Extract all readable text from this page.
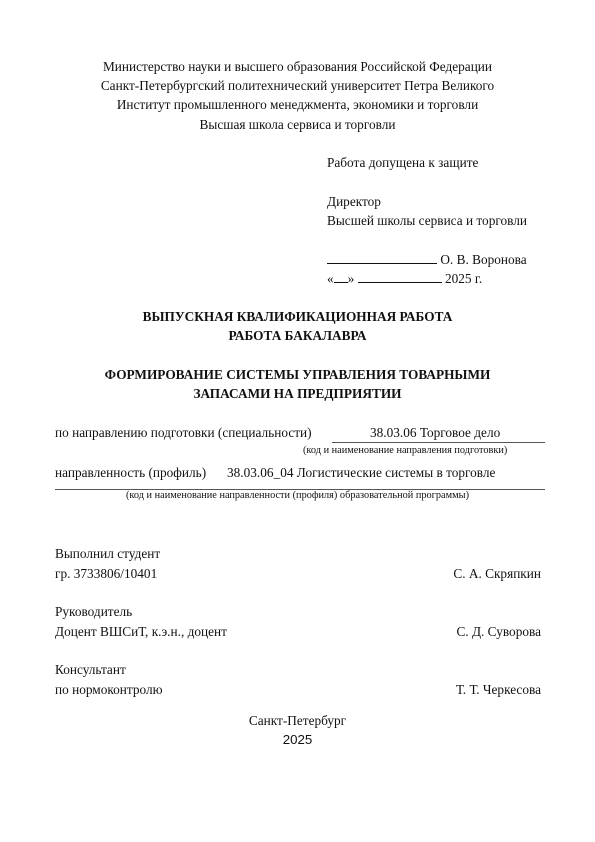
Министерство науки и высшего образования Российской Федерации
Санкт-Петербургский политехнический университет Петра Великого
Институт промышленного менеджмента, экономики и торговли
Высшая школа сервиса и торговли
Работа допущена к защите
Директор
Высшей школы сервиса и торговли
О. В. Воронова
« »	2025 г.
ВЫПУСКНАЯ КВАЛИФИКАЦИОННАЯ РАБОТА
РАБОТА БАКАЛАВРА
ФОРМИРОВАНИЕ СИСТЕМЫ УПРАВЛЕНИЯ ТОВАРНЫМИ
ЗАПАСАМИ НА ПРЕДПРИЯТИИ
по направлению подготовки (специальности)	38.03.06 Торговое дело
(код и наименование направления подготовки)
направленность (профиль) 38.03.06_04 Логистические системы в торговле
(код и наименование направленности (профиля) образовательной программы)
Выполнил студент
гр. 3733806/10401	С. А. Скряпкин
Руководитель
Доцент ВШСиТ, к.э.н., доцент	С. Д. Суворова
Консультант
по нормоконтролю	Т. Т. Черкесова
Санкт-Петербург
2025
